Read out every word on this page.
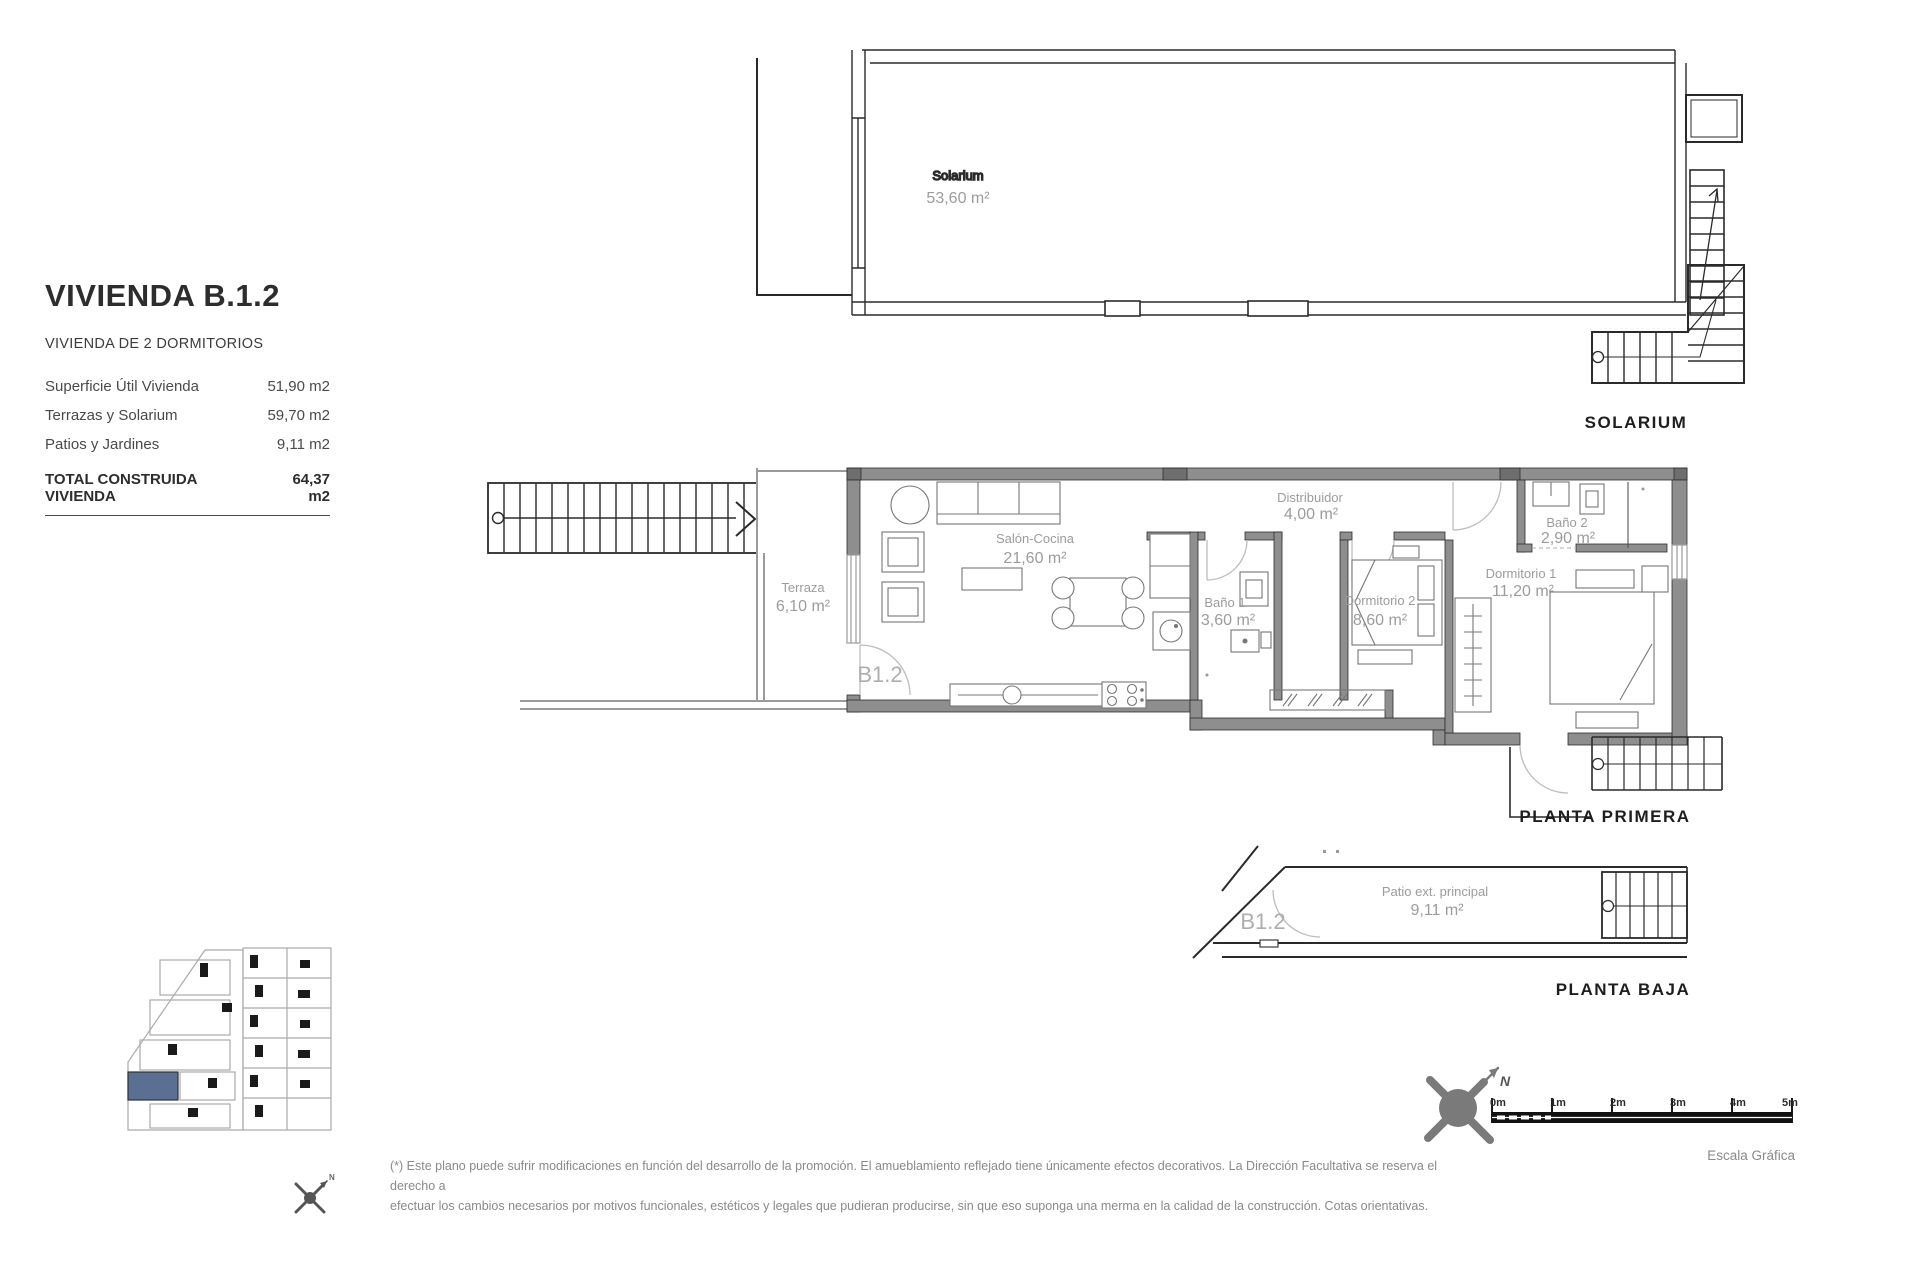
VIVIENDA B.1.2
VIVIENDA DE 2 DORMITORIOS
Superficie Útil Vivienda	51,90 m2
Terrazas y Solarium	59,70 m2
Patios y Jardines	9,11 m2
TOTAL CONSTRUIDA VIVIENDA
64,37 m2
Solarium
53,60 m²
SOLARIUM
Terraza
6,10 m²
Salón-Cocina
21,60 m²
Baño 1
3,60 m²
Distribuidor
4,00 m²
Dormitorio 2
8,60 m²
Baño 2
2,90 m²
Dormitorio 1
11,20 m²
B1.2
PLANTA PRIMERA
Patio ext. principal
9,11 m²
B1.2
PLANTA BAJA
N
N
0m	1m	2m	3m	4m	5m
Escala Gráfica
(*) Este plano puede sufrir modificaciones en función del desarrollo de la promoción. El amueblamiento reflejado tiene únicamente efectos decorativos. La Dirección Facultativa se reserva el derecho a
efectuar los cambios necesarios por motivos funcionales, estéticos y legales que pudieran producirse, sin que eso suponga una merma en la calidad de la construcción. Cotas orientativas.
